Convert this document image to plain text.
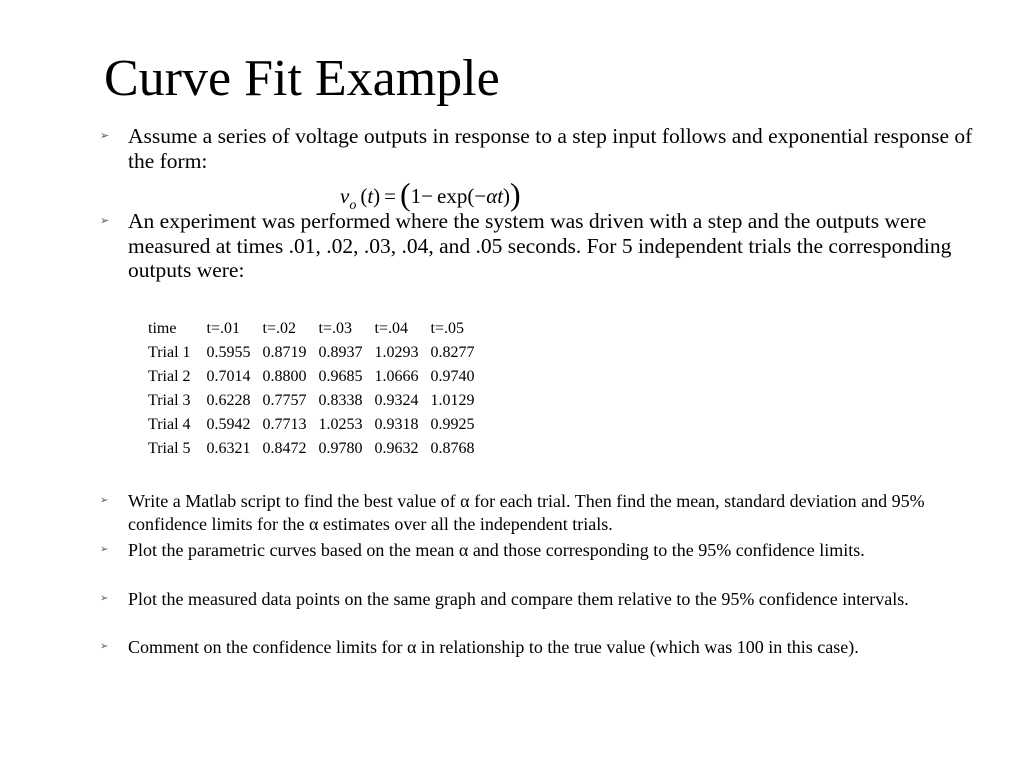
Curve Fit Example
➢ Assume a series of voltage outputs in response to a step input follows and exponential response of the form:
vo (t) = (1− exp(−αt))
➢ An experiment was performed where the system was driven with a step and the outputs were measured at times .01, .02, .03, .04, and .05 seconds. For 5 independent trials the corresponding outputs were:
time	t=.01	t=.02	t=.03	t=.04	t=.05
Trial 1	0.5955	0.8719	0.8937	1.0293	0.8277
Trial 2	0.7014	0.8800	0.9685	1.0666	0.9740
Trial 3	0.6228	0.7757	0.8338	0.9324	1.0129
Trial 4	0.5942	0.7713	1.0253	0.9318	0.9925
Trial 5	0.6321	0.8472	0.9780	0.9632	0.8768
➢ Write a Matlab script to find the best value of α for each trial. Then find the mean, standard deviation and 95% confidence limits for the α estimates over all the independent trials.
➢ Plot the parametric curves based on the mean α and those corresponding to the 95% confidence limits.
➢ Plot the measured data points on the same graph and compare them relative to the 95% confidence intervals.
➢ Comment on the confidence limits for α in relationship to the true value (which was 100 in this case).
